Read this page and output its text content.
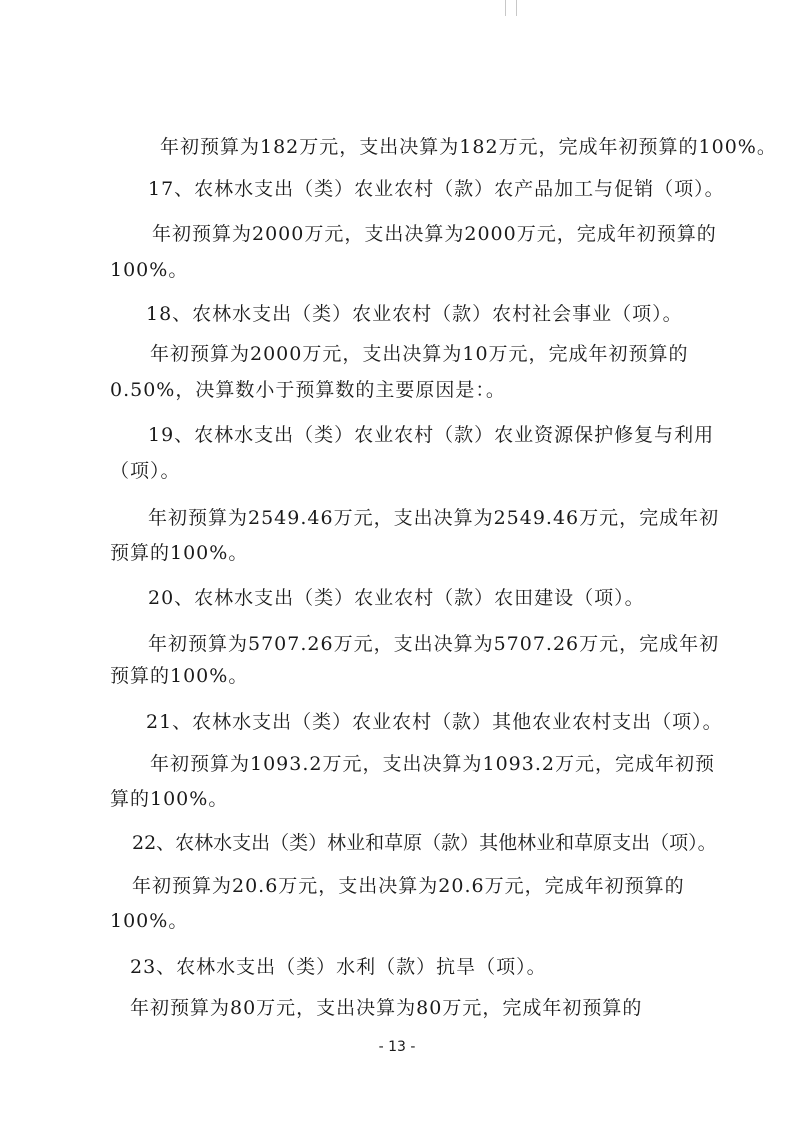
年初预算为182万元，支出决算为182万元，完成年初预算的100%。
17、农林水支出（类）农业农村（款）农产品加工与促销（项）。
年初预算为2000万元，支出决算为2000万元，完成年初预算的
100%。
18、农林水支出（类）农业农村（款）农村社会事业（项）。
年初预算为2000万元，支出决算为10万元，完成年初预算的
0.50%，决算数小于预算数的主要原因是：。
19、农林水支出（类）农业农村（款）农业资源保护修复与利用
（项）。
年初预算为2549.46万元，支出决算为2549.46万元，完成年初
预算的100%。
20、农林水支出（类）农业农村（款）农田建设（项）。
年初预算为5707.26万元，支出决算为5707.26万元，完成年初
预算的100%。
21、农林水支出（类）农业农村（款）其他农业农村支出（项）。
年初预算为1093.2万元，支出决算为1093.2万元，完成年初预
算的100%。
22、农林水支出（类）林业和草原（款）其他林业和草原支出（项）。
年初预算为20.6万元，支出决算为20.6万元，完成年初预算的
100%。
23、农林水支出（类）水利（款）抗旱（项）。
年初预算为80万元，支出决算为80万元，完成年初预算的
- 13 -
